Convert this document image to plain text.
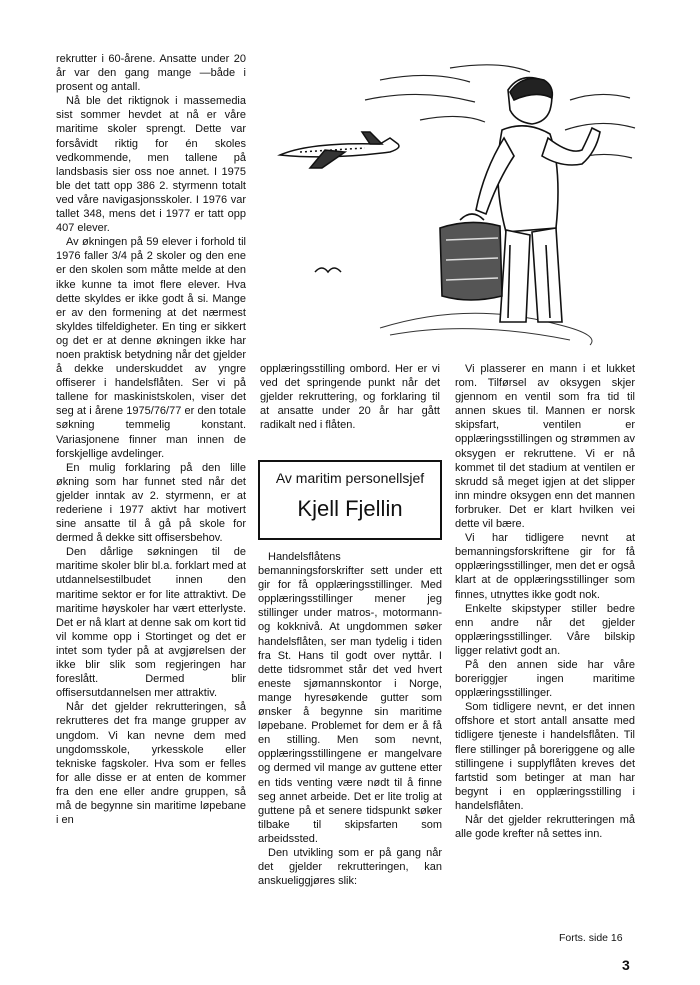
rekrutter i 60-årene. Ansatte under 20 år var den gang mange —både i prosent og antall.

Nå ble det riktignok i massemedia sist sommer hevdet at nå er våre maritime skoler sprengt. Dette var forsåvidt riktig for én skoles vedkommende, men tallene på landsbasis sier oss noe annet. I 1975 ble det tatt opp 386 2. styrmenn totalt ved våre navigasjonsskoler. I 1976 var tallet 348, mens det i 1977 er tatt opp 407 elever.

Av økningen på 59 elever i forhold til 1976 faller 3/4 på 2 skoler og den ene er den skolen som måtte melde at den ikke kunne ta imot flere elever. Hva dette skyldes er ikke godt å si. Mange er av den formening at det nærmest skyldes tilfeldigheter. En ting er sikkert og det er at denne økningen ikke har noen praktisk betydning når det gjelder å dekke underskuddet av yngre offiserer i handelsflåten. Ser vi på tallene for maskinistskolen, viser det seg at i årene 1975/76/77 er den totale søkning temmelig konstant. Variasjonene finner man innen de forskjellige avdelinger.

En mulig forklaring på den lille økning som har funnet sted når det gjelder inntak av 2. styrmenn, er at rederiene i 1977 aktivt har motivert sine ansatte til å gå på skole for dermed å dekke sitt offisersbehov.

Den dårlige søkningen til de maritime skoler blir bl.a. forklart med at utdannelsestilbudet innen den maritime sektor er for lite attraktivt. De maritime høyskoler har vært etterlyste. Det er nå klart at denne sak om kort tid vil komme opp i Stortinget og det er intet som tyder på at avgjørelsen der ikke blir slik som regjeringen har foreslått. Dermed blir offisersutdannelsen mer attraktiv.

Når det gjelder rekrutteringen, så rekrutteres det fra mange grupper av ungdom. Vi kan nevne dem med ungdomsskole, yrkesskole eller tekniske fagskoler. Hva som er felles for alle disse er at enten de kommer fra den ene eller andre gruppen, så må de begynne sin maritime løpebane i en

opplæringsstilling ombord. Her er vi ved det springende punkt når det gjelder rekruttering, og forklaring til at ansatte under 20 år har gått radikalt ned i flåten.

Av maritim personellsjef
Kjell Fjellin

Handelsflåtens bemanningsforskrifter sett under ett gir for få opplæringsstillinger. Med opplæringsstillinger mener jeg stillinger under matros-, motormann- og kokknivå. At ungdommen søker handelsflåten, ser man tydelig i tiden fra St. Hans til godt over nyttår. I dette tidsrommet står det ved hvert eneste sjømannskontor i Norge, mange hyresøkende gutter som ønsker å begynne sin maritime løpebane. Problemet for dem er å få en stilling. Men som nevnt, opplæringsstillingene er mangelvare og dermed vil mange av guttene etter en tids venting være nødt til å finne seg annet arbeide. Det er lite trolig at guttene på et senere tidspunkt søker tilbake til skipsfarten som arbeidssted.

Den utvikling som er på gang når det gjelder rekrutteringen, kan anskueliggjøres slik:

Vi plasserer en mann i et lukket rom. Tilførsel av oksygen skjer gjennom en ventil som fra tid til annen skues til. Mannen er norsk skipsfart, ventilen er opplæringsstillingen og strømmen av oksygen er rekruttene. Vi er nå kommet til det stadium at ventilen er skrudd så meget igjen at det slipper inn mindre oksygen enn det mannen forbruker. Det er klart hvilken vei dette vil bære.

Vi har tidligere nevnt at bemanningsforskriftene gir for få opplæringsstillinger, men det er også klart at de opplæringsstillinger som finnes, utnyttes ikke godt nok.

Enkelte skipstyper stiller bedre enn andre når det gjelder opplæringsstillinger. Våre bilskip ligger relativt godt an.

På den annen side har våre boreriggjer ingen maritime opplæringsstillinger.

Som tidligere nevnt, er det innen offshore et stort antall ansatte med tidligere tjeneste i handelsflåten. Til flere stillinger på boreriggene og alle stillingene i supplyflåten kreves det fartstid som betinger at man har begynt i en opplæringsstilling i handelsflåten.

Når det gjelder rekrutteringen må alle gode krefter nå settes inn.

Forts. side 16
3
